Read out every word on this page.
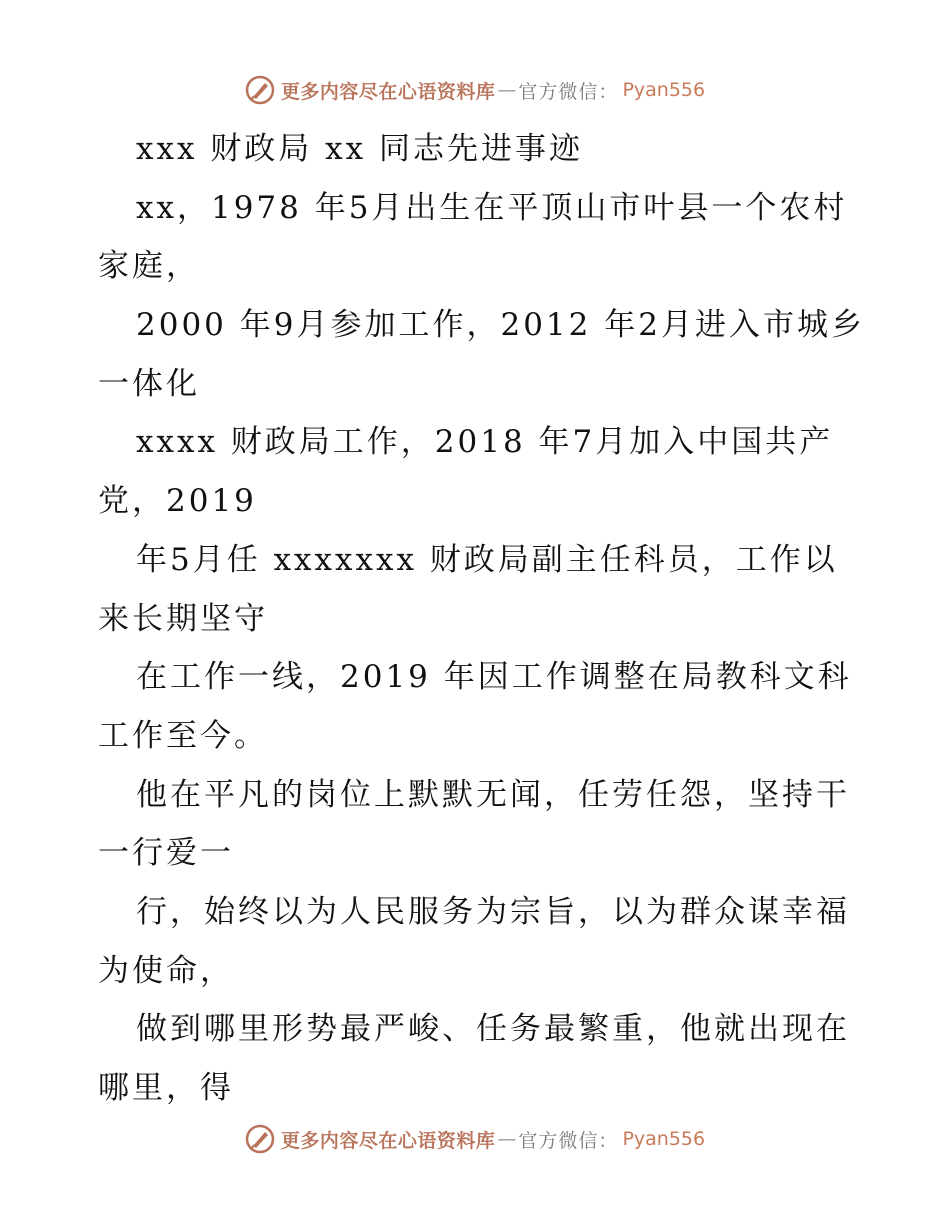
更多内容尽在心语资料库 — 官方微信： Pyan556
xxx 财政局 xx 同志先进事迹
xx，1978 年5月出生在平顶山市叶县一个农村
家庭，
2000 年9月参加工作，2012 年2月进入市城乡
一体化
xxxx 财政局工作，2018 年7月加入中国共产
党，2019
年5月任 xxxxxxx 财政局副主任科员，工作以
来长期坚守
在工作一线，2019 年因工作调整在局教科文科
工作至今。
他在平凡的岗位上默默无闻，任劳任怨，坚持干
一行爱一
行，始终以为人民服务为宗旨，以为群众谋幸福
为使命，
做到哪里形势最严峻、任务最繁重，他就出现在
哪里，得
更多内容尽在心语资料库 — 官方微信： Pyan556
